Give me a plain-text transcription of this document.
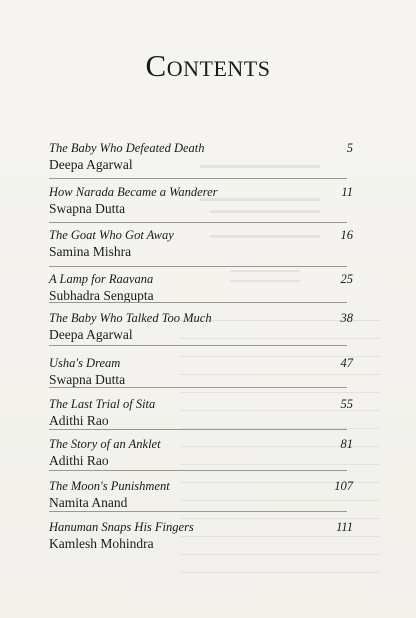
Contents
The Baby Who Defeated Death
Deepa Agarwal
5
How Narada Became a Wanderer
Swapna Dutta
11
The Goat Who Got Away
Samina Mishra
16
A Lamp for Raavana
Subhadra Sengupta
25
The Baby Who Talked Too Much
Deepa Agarwal
38
Usha's Dream
Swapna Dutta
47
The Last Trial of Sita
Adithi Rao
55
The Story of an Anklet
Adithi Rao
81
The Moon's Punishment
Namita Anand
107
Hanuman Snaps His Fingers
Kamlesh Mohindra
111
